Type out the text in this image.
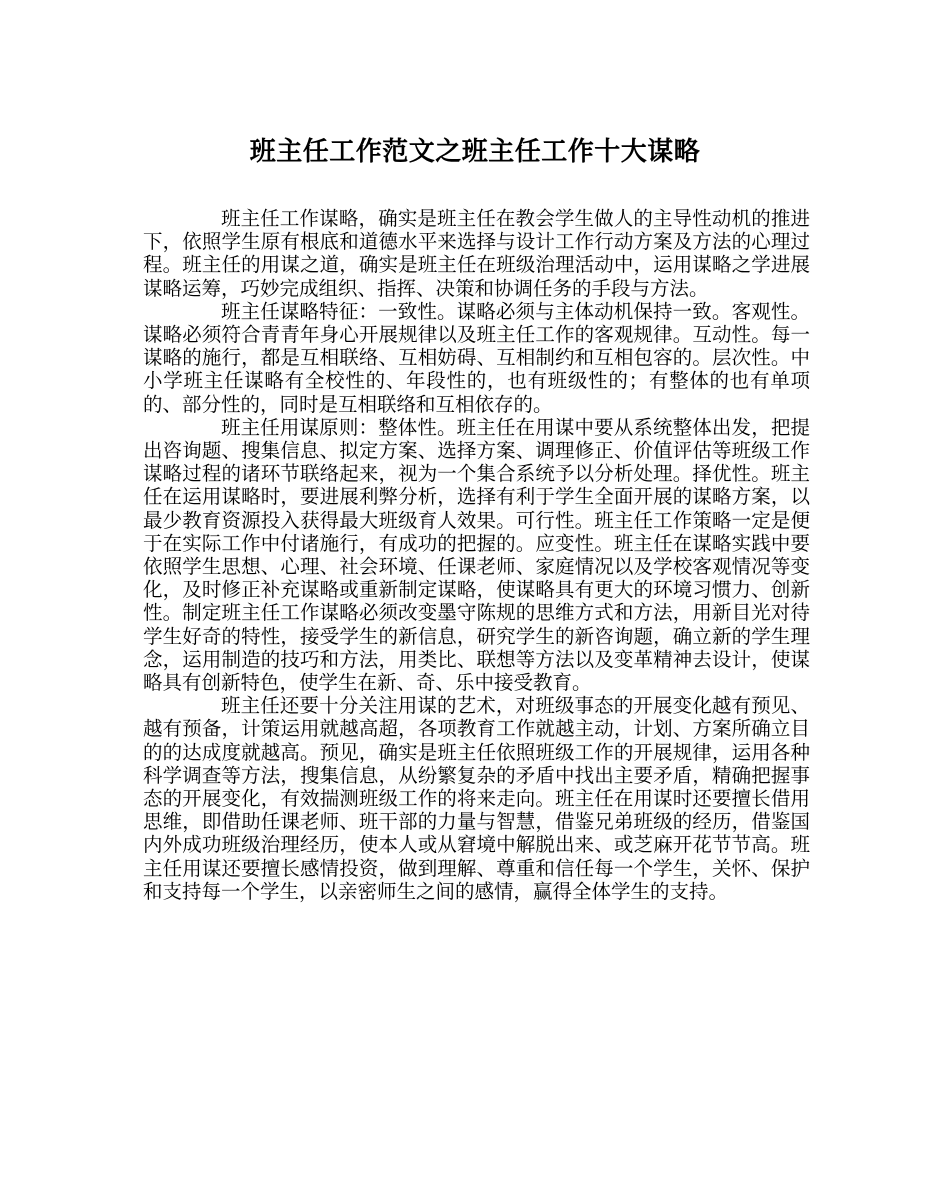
班主任工作范文之班主任工作十大谋略

班主任工作谋略，确实是班主任在教会学生做人的主导性动机的推进下，依照学生原有根底和道德水平来选择与设计工作行动方案及方法的心理过程。班主任的用谋之道，确实是班主任在班级治理活动中，运用谋略之学进展谋略运筹，巧妙完成组织、指挥、决策和协调任务的手段与方法。

班主任谋略特征：一致性。谋略必须与主体动机保持一致。客观性。谋略必须符合青青年身心开展规律以及班主任工作的客观规律。互动性。每一谋略的施行，都是互相联络、互相妨碍、互相制约和互相包容的。层次性。中小学班主任谋略有全校性的、年段性的，也有班级性的；有整体的也有单项的、部分性的，同时是互相联络和互相依存的。

班主任用谋原则：整体性。班主任在用谋中要从系统整体出发，把提出咨询题、搜集信息、拟定方案、选择方案、调理修正、价值评估等班级工作谋略过程的诸环节联络起来，视为一个集合系统予以分析处理。择优性。班主任在运用谋略时，要进展利弊分析，选择有利于学生全面开展的谋略方案，以最少教育资源投入获得最大班级育人效果。可行性。班主任工作策略一定是便于在实际工作中付诸施行，有成功的把握的。应变性。班主任在谋略实践中要依照学生思想、心理、社会环境、任课老师、家庭情况以及学校客观情况等变化，及时修正补充谋略或重新制定谋略，使谋略具有更大的环境习惯力、创新性。制定班主任工作谋略必须改变墨守陈规的思维方式和方法，用新目光对待学生好奇的特性，接受学生的新信息，研究学生的新咨询题，确立新的学生理念，运用制造的技巧和方法，用类比、联想等方法以及变革精神去设计，使谋略具有创新特色，使学生在新、奇、乐中接受教育。

班主任还要十分关注用谋的艺术，对班级事态的开展变化越有预见、越有预备，计策运用就越高超，各项教育工作就越主动，计划、方案所确立目的的达成度就越高。预见，确实是班主任依照班级工作的开展规律，运用各种科学调查等方法，搜集信息，从纷繁复杂的矛盾中找出主要矛盾，精确把握事态的开展变化，有效揣测班级工作的将来走向。班主任在用谋时还要擅长借用思维，即借助任课老师、班干部的力量与智慧，借鉴兄弟班级的经历，借鉴国内外成功班级治理经历，使本人或从窘境中解脱出来、或芝麻开花节节高。班主任用谋还要擅长感情投资，做到理解、尊重和信任每一个学生，关怀、保护和支持每一个学生，以亲密师生之间的感情，赢得全体学生的支持。
